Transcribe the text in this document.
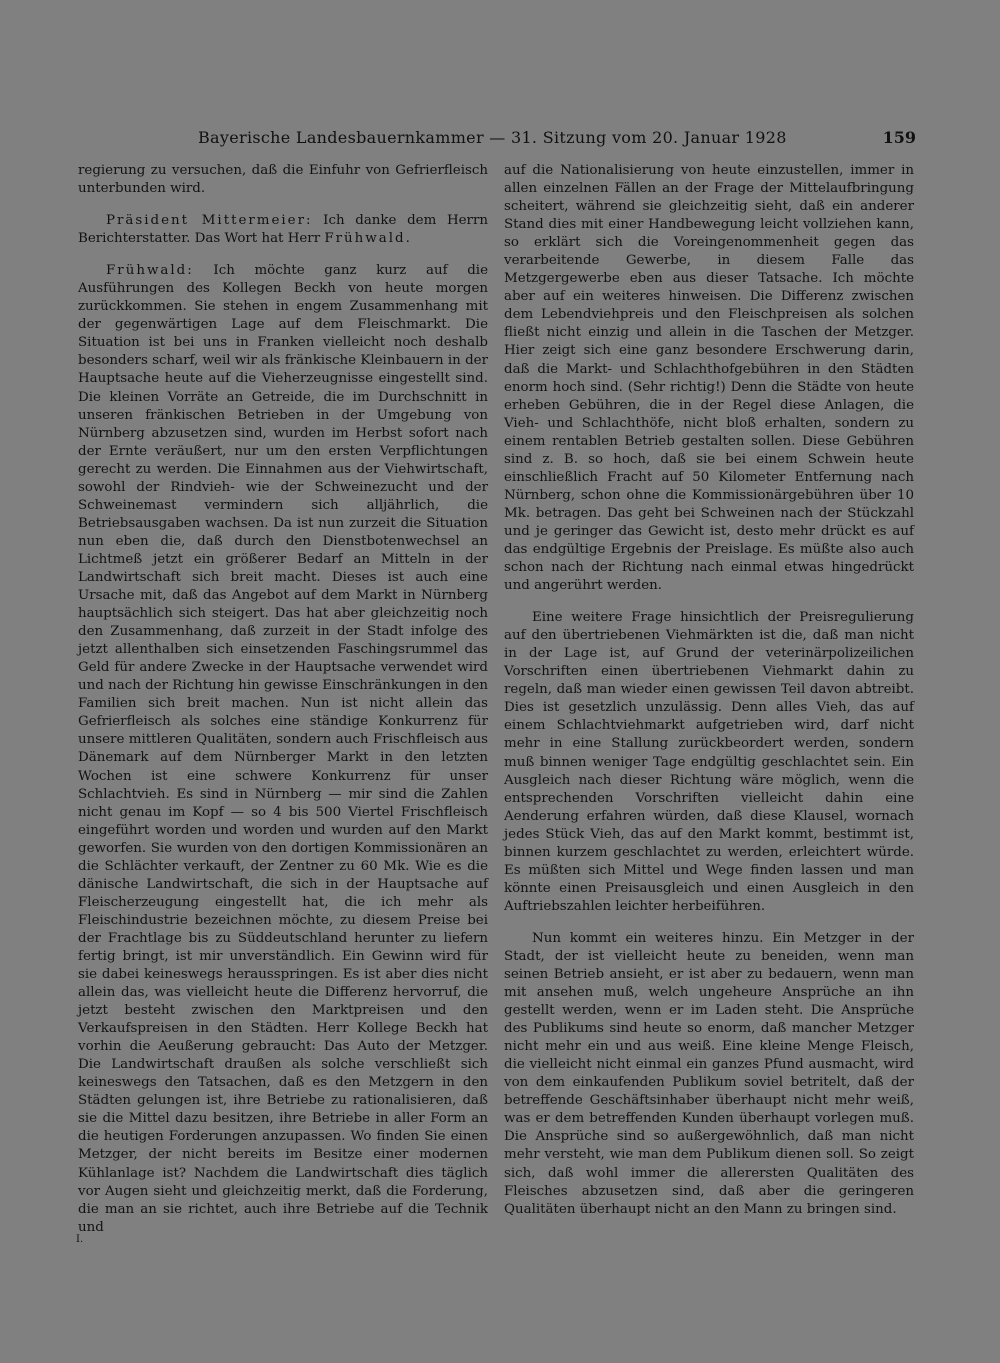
Bayerische Landesbauernkammer — 31. Sitzung vom 20. Januar 1928	159

regierung zu versuchen, daß die Einfuhr von Gefrierfleisch unterbunden wird.

Präsident Mittermeier: Ich danke dem Herrn Berichterstatter. Das Wort hat Herr Frühwald.

Frühwald: Ich möchte ganz kurz auf die Ausführungen des Kollegen Beckh von heute morgen zurückkommen. Sie stehen in engem Zusammenhang mit der gegenwärtigen Lage auf dem Fleischmarkt. Die Situation ist bei uns in Franken vielleicht noch deshalb besonders scharf, weil wir als fränkische Kleinbauern in der Hauptsache heute auf die Vieherzeugnisse eingestellt sind. Die kleinen Vorräte an Getreide, die im Durchschnitt in unseren fränkischen Betrieben in der Umgebung von Nürnberg abzusetzen sind, wurden im Herbst sofort nach der Ernte veräußert, nur um den ersten Verpflichtungen gerecht zu werden. Die Einnahmen aus der Viehwirtschaft, sowohl der Rindvieh- wie der Schweinezucht und der Schweinemast vermindern sich alljährlich, die Betriebsausgaben wachsen. Da ist nun zurzeit die Situation nun eben die, daß durch den Dienstbotenwechsel an Lichtmeß jetzt ein größerer Bedarf an Mitteln in der Landwirtschaft sich breit macht. Dieses ist auch eine Ursache mit, daß das Angebot auf dem Markt in Nürnberg hauptsächlich sich steigert. Das hat aber gleichzeitig noch den Zusammenhang, daß zurzeit in der Stadt infolge des jetzt allenthalben sich einsetzenden Faschingsrummel das Geld für andere Zwecke in der Hauptsache verwendet wird und nach der Richtung hin gewisse Einschränkungen in den Familien sich breit machen. Nun ist nicht allein das Gefrierfleisch als solches eine ständige Konkurrenz für unsere mittleren Qualitäten, sondern auch Frischfleisch aus Dänemark auf dem Nürnberger Markt in den letzten Wochen ist eine schwere Konkurrenz für unser Schlachtvieh. Es sind in Nürnberg — mir sind die Zahlen nicht genau im Kopf — so 4 bis 500 Viertel Frischfleisch eingeführt worden und worden und wurden auf den Markt geworfen. Sie wurden von den dortigen Kommissionären an die Schlächter verkauft, der Zentner zu 60 Mk. Wie es die dänische Landwirtschaft, die sich in der Hauptsache auf Fleischerzeugung eingestellt hat, die ich mehr als Fleischindustrie bezeichnen möchte, zu diesem Preise bei der Frachtlage bis zu Süddeutschland herunter zu liefern fertig bringt, ist mir unverständlich. Ein Gewinn wird für sie dabei keineswegs herausspringen. Es ist aber dies nicht allein das, was vielleicht heute die Differenz hervorruf, die jetzt besteht zwischen den Marktpreisen und den Verkaufspreisen in den Städten. Herr Kollege Beckh hat vorhin die Aeußerung gebraucht: Das Auto der Metzger. Die Landwirtschaft draußen als solche verschließt sich keineswegs den Tatsachen, daß es den Metzgern in den Städten gelungen ist, ihre Betriebe zu rationalisieren, daß sie die Mittel dazu besitzen, ihre Betriebe in aller Form an die heutigen Forderungen anzupassen. Wo finden Sie einen Metzger, der nicht bereits im Besitze einer modernen Kühlanlage ist? Nachdem die Landwirtschaft dies täglich vor Augen sieht und gleichzeitig merkt, daß die Forderung, die man an sie richtet, auch ihre Betriebe auf die Technik und

auf die Nationalisierung von heute einzustellen, immer in allen einzelnen Fällen an der Frage der Mittelaufbringung scheitert, während sie gleichzeitig sieht, daß ein anderer Stand dies mit einer Handbewegung leicht vollziehen kann, so erklärt sich die Voreingenommenheit gegen das verarbeitende Gewerbe, in diesem Falle das Metzgergewerbe eben aus dieser Tatsache. Ich möchte aber auf ein weiteres hinweisen. Die Differenz zwischen dem Lebendviehpreis und den Fleischpreisen als solchen fließt nicht einzig und allein in die Taschen der Metzger. Hier zeigt sich eine ganz besondere Erschwerung darin, daß die Markt- und Schlachthofgebühren in den Städten enorm hoch sind. (Sehr richtig!) Denn die Städte von heute erheben Gebühren, die in der Regel diese Anlagen, die Vieh- und Schlachthöfe, nicht bloß erhalten, sondern zu einem rentablen Betrieb gestalten sollen. Diese Gebühren sind z. B. so hoch, daß sie bei einem Schwein heute einschließlich Fracht auf 50 Kilometer Entfernung nach Nürnberg, schon ohne die Kommissionärgebühren über 10 Mk. betragen. Das geht bei Schweinen nach der Stückzahl und je geringer das Gewicht ist, desto mehr drückt es auf das endgültige Ergebnis der Preislage. Es müßte also auch schon nach der Richtung nach einmal etwas hingedrückt und angerührt werden.

Eine weitere Frage hinsichtlich der Preisregulierung auf den übertriebenen Viehmärkten ist die, daß man nicht in der Lage ist, auf Grund der veterinärpolizeilichen Vorschriften einen übertriebenen Viehmarkt dahin zu regeln, daß man wieder einen gewissen Teil davon abtreibt. Dies ist gesetzlich unzulässig. Denn alles Vieh, das auf einem Schlachtviehmarkt aufgetrieben wird, darf nicht mehr in eine Stallung zurückbeordert werden, sondern muß binnen weniger Tage endgültig geschlachtet sein. Ein Ausgleich nach dieser Richtung wäre möglich, wenn die entsprechenden Vorschriften vielleicht dahin eine Aenderung erfahren würden, daß diese Klausel, wornach jedes Stück Vieh, das auf den Markt kommt, bestimmt ist, binnen kurzem geschlachtet zu werden, erleichtert würde. Es müßten sich Mittel und Wege finden lassen und man könnte einen Preisausgleich und einen Ausgleich in den Auftriebszahlen leichter herbeiführen.

Nun kommt ein weiteres hinzu. Ein Metzger in der Stadt, der ist vielleicht heute zu beneiden, wenn man seinen Betrieb ansieht, er ist aber zu bedauern, wenn man mit ansehen muß, welch ungeheure Ansprüche an ihn gestellt werden, wenn er im Laden steht. Die Ansprüche des Publikums sind heute so enorm, daß mancher Metzger nicht mehr ein und aus weiß. Eine kleine Menge Fleisch, die vielleicht nicht einmal ein ganzes Pfund ausmacht, wird von dem einkaufenden Publikum soviel betritelt, daß der betreffende Geschäftsinhaber überhaupt nicht mehr weiß, was er dem betreffenden Kunden überhaupt vorlegen muß. Die Ansprüche sind so außergewöhnlich, daß man nicht mehr versteht, wie man dem Publikum dienen soll. So zeigt sich, daß wohl immer die allerersten Qualitäten des Fleisches abzusetzen sind, daß aber die geringeren Qualitäten überhaupt nicht an den Mann zu bringen sind.

I.
